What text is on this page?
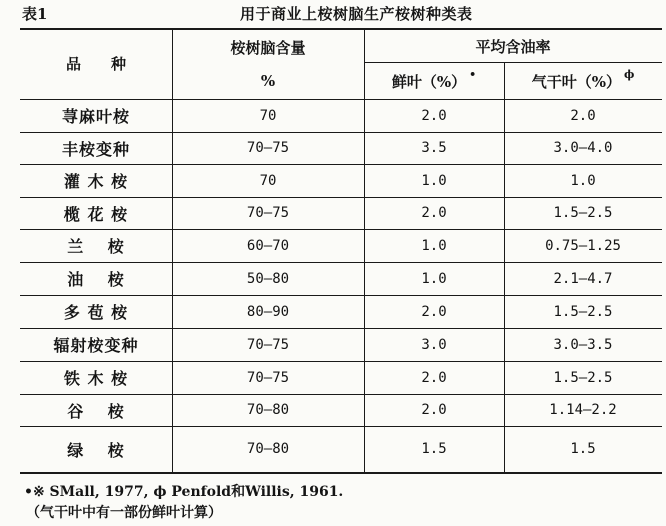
表1	用于商业上桉树脑生产桉树种类表
品　　种
桉树脑含量
%
平均含油率
鲜叶（%） •	气干叶（%） ϕ
荨麻叶桉	70	2.0	2.0
丰桉变种	70—75	3.5	3.0—4.0
灌 木 桉	70	1.0	1.0
榄 花 桉	70—75	2.0	1.5—2.5
兰　 桉	60—70	1.0	0.75—1.25
油　 桉	50—80	1.0	2.1—4.7
多 苞 桉	80—90	2.0	1.5—2.5
辐射桉变种	70—75	3.0	3.0—3.5
铁 木 桉	70—75	2.0	1.5—2.5
谷　 桉	70—80	2.0	1.14—2.2
绿　 桉	70—80	1.5	1.5
•※ SMall, 1977, ϕ Penfold和Willis, 1961.
（气干叶中有一部份鲜叶计算）
